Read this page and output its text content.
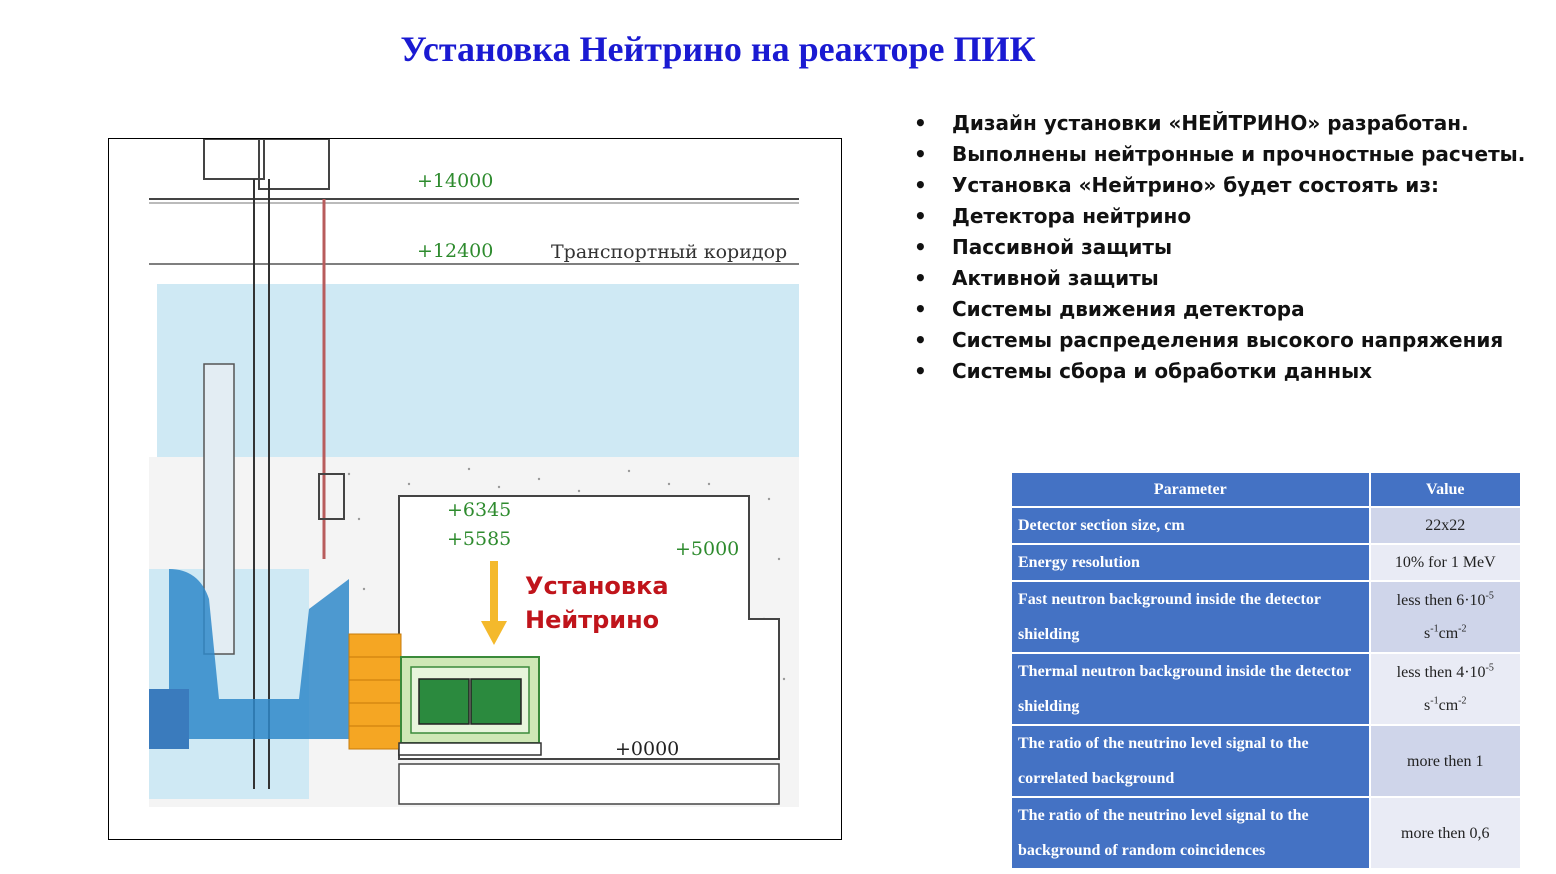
Установка Нейтрино на реакторе ПИК
+14000
+12400
+6345
+5585	+5000
+0000
Транспортный коридор
Установка
Нейтрино
• Дизайн установки «НЕЙТРИНО» разработан.
• Выполнены нейтронные и прочностные расчеты.
• Установка «Нейтрино» будет состоять из:
• Детектора нейтрино
• Пассивной защиты
• Активной защиты
• Системы движения детектора
• Системы распределения высокого напряжения
• Системы сбора и обработки данных
Parameter	Value
Detector section size, cm	22x22
Energy resolution	10% for 1 MeV
Fast neutron background inside the detector shielding	less then $6\cdot 10^{-5}$
$s^{-1}cm^{-2}$
Thermal neutron background inside the detector shielding	less then $4\cdot 10^{-5}$
$s^{-1}cm^{-2}$
The ratio of the neutrino level signal to the correlated background	more then 1
The ratio of the neutrino level signal to the background of random coincidences	more then 0,6
